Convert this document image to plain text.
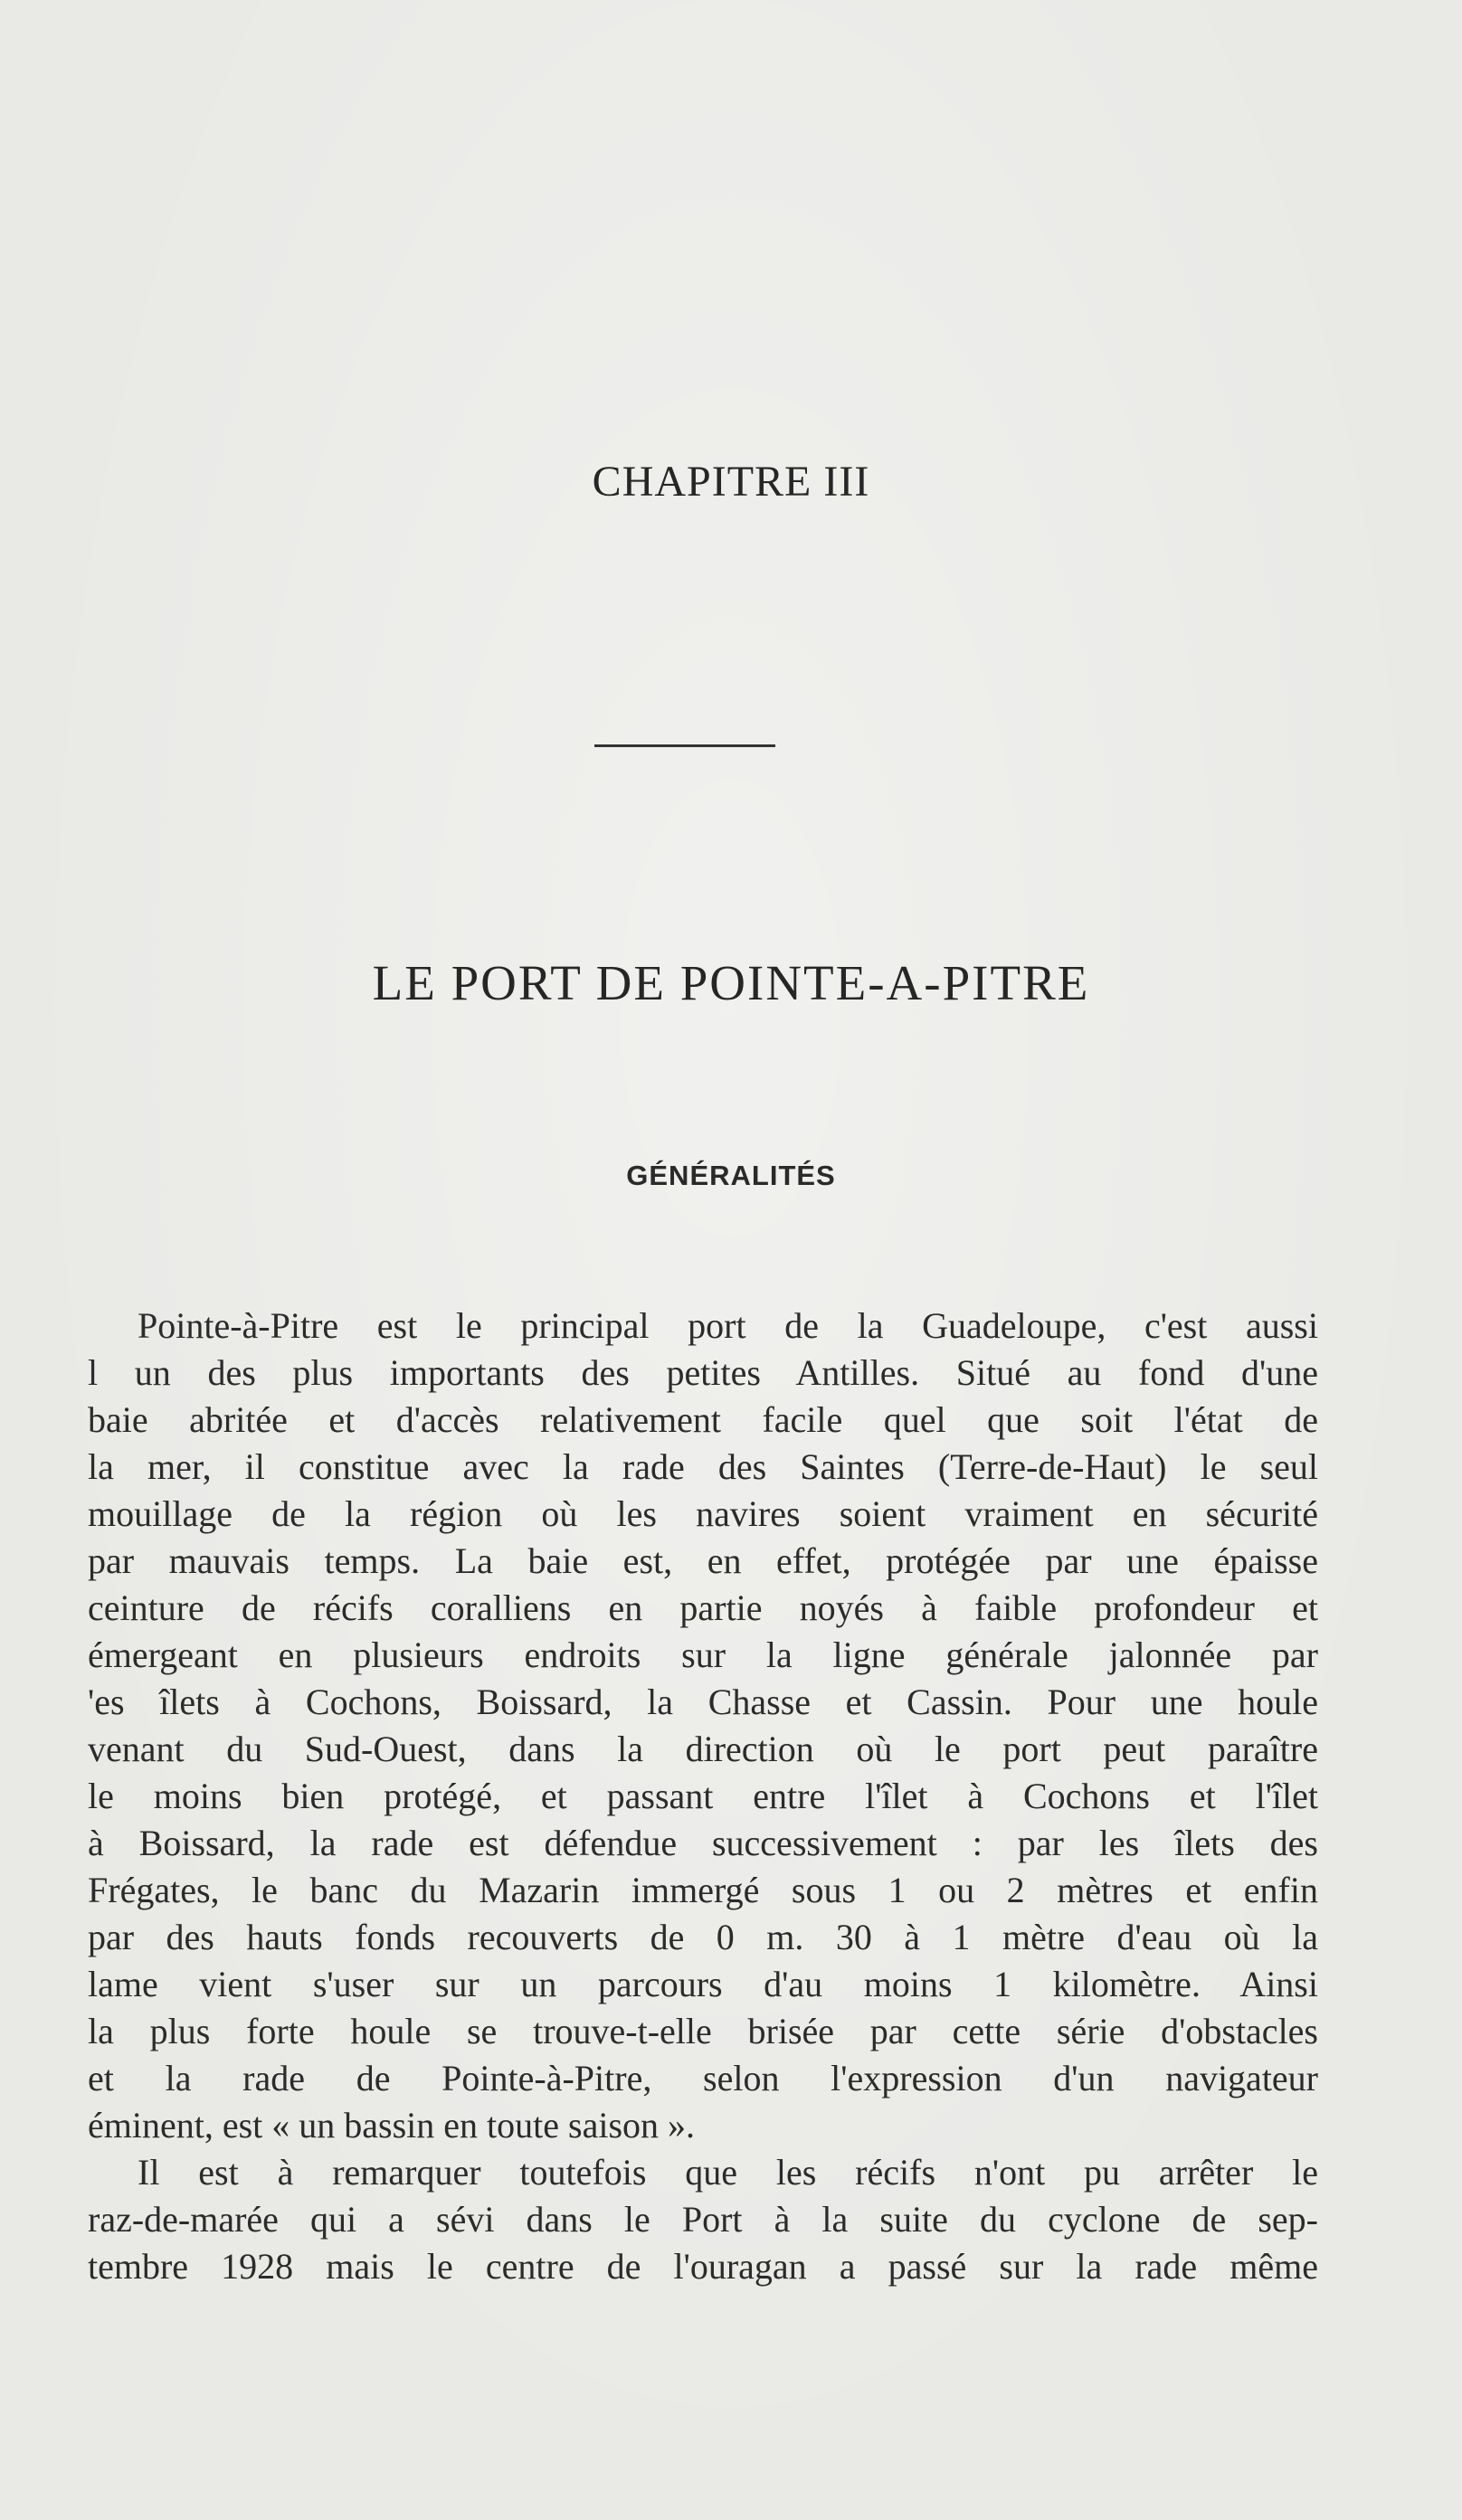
CHAPITRE III
LE PORT DE POINTE-A-PITRE
GÉNÉRALITÉS
Pointe-à-Pitre est le principal port de la Guadeloupe, c'est aussi
l un des plus importants des petites Antilles. Situé au fond d'une
baie abritée et d'accès relativement facile quel que soit l'état de
la mer, il constitue avec la rade des Saintes (Terre-de-Haut) le seul
mouillage de la région où les navires soient vraiment en sécurité
par mauvais temps. La baie est, en effet, protégée par une épaisse
ceinture de récifs coralliens en partie noyés à faible profondeur et
émergeant en plusieurs endroits sur la ligne générale jalonnée par
'es îlets à Cochons, Boissard, la Chasse et Cassin. Pour une houle
venant du Sud-Ouest, dans la direction où le port peut paraître
le moins bien protégé, et passant entre l'îlet à Cochons et l'îlet
à Boissard, la rade est défendue successivement : par les îlets des
Frégates, le banc du Mazarin immergé sous 1 ou 2 mètres et enfin
par des hauts fonds recouverts de 0 m. 30 à 1 mètre d'eau où la
lame vient s'user sur un parcours d'au moins 1 kilomètre. Ainsi
la plus forte houle se trouve-t-elle brisée par cette série d'obstacles
et la rade de Pointe-à-Pitre, selon l'expression d'un navigateur
éminent, est « un bassin en toute saison ».
Il est à remarquer toutefois que les récifs n'ont pu arrêter le
raz-de-marée qui a sévi dans le Port à la suite du cyclone de sep-
tembre 1928 mais le centre de l'ouragan a passé sur la rade même
